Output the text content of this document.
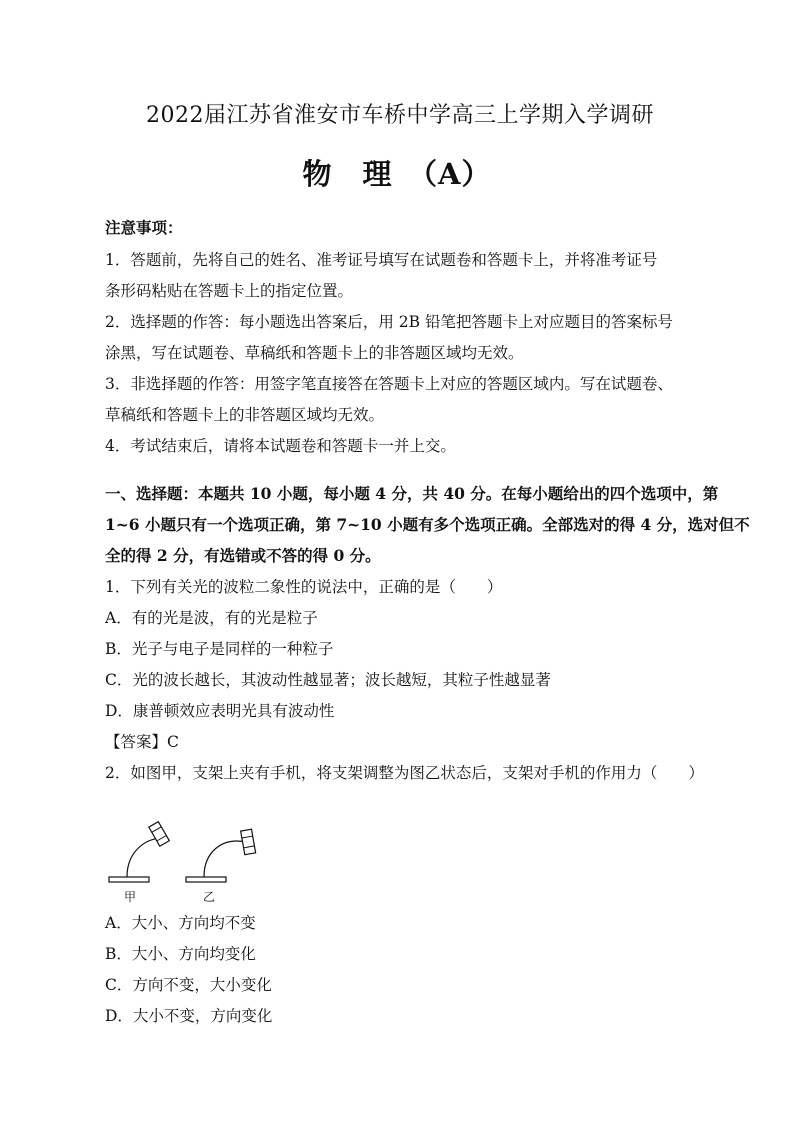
2022届江苏省淮安市车桥中学高三上学期入学调研
物　理　（A）
注意事项：
1．答题前，先将自己的姓名、准考证号填写在试题卷和答题卡上，并将准考证号
条形码粘贴在答题卡上的指定位置。
2．选择题的作答：每小题选出答案后，用 2B 铅笔把答题卡上对应题目的答案标号
涂黑，写在试题卷、草稿纸和答题卡上的非答题区域均无效。
3．非选择题的作答：用签字笔直接答在答题卡上对应的答题区域内。写在试题卷、
草稿纸和答题卡上的非答题区域均无效。
4．考试结束后，请将本试题卷和答题卡一并上交。
一、选择题：本题共 10 小题，每小题 4 分，共 40 分。在每小题给出的四个选项中，第
1~6 小题只有一个选项正确，第 7~10 小题有多个选项正确。全部选对的得 4 分，选对但不
全的得 2 分，有选错或不答的得 0 分。
1．下列有关光的波粒二象性的说法中，正确的是（　　）
A．有的光是波，有的光是粒子
B．光子与电子是同样的一种粒子
C．光的波长越长，其波动性越显著；波长越短，其粒子性越显著
D．康普顿效应表明光具有波动性
【答案】C
2．如图甲，支架上夹有手机，将支架调整为图乙状态后，支架对手机的作用力（　　）
甲	乙
A．大小、方向均不变
B．大小、方向均变化
C．方向不变，大小变化
D．大小不变，方向变化
